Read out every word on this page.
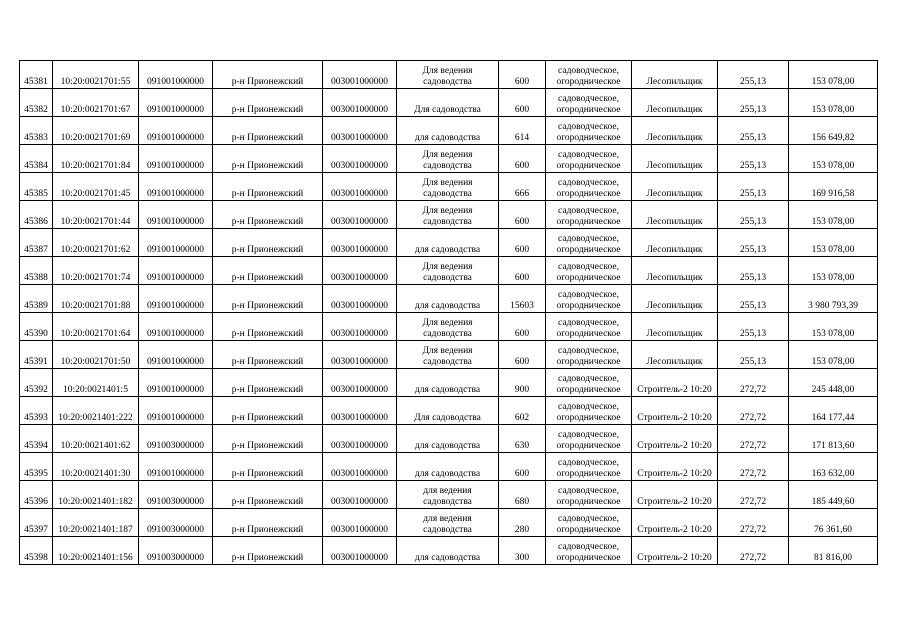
45381	10:20:0021701:55	091001000000	р-н Прионежский	003001000000	Для ведения
садоводства	600	садоводческое,
огородническое	Лесопильщик	255,13	153 078,00
45382	10:20:0021701:67	091001000000	р-н Прионежский	003001000000	Для садоводства	600	садоводческое,
огородническое	Лесопильщик	255,13	153 078,00
45383	10:20:0021701:69	091001000000	р-н Прионежский	003001000000	для садоводства	614	садоводческое,
огородническое	Лесопильщик	255,13	156 649,82
45384	10:20:0021701:84	091001000000	р-н Прионежский	003001000000	Для ведения
садоводства	600	садоводческое,
огородническое	Лесопильщик	255,13	153 078,00
45385	10:20:0021701:45	091001000000	р-н Прионежский	003001000000	Для ведения
садоводства	666	садоводческое,
огородническое	Лесопильщик	255,13	169 916,58
45386	10:20:0021701:44	091001000000	р-н Прионежский	003001000000	Для ведения
садоводства	600	садоводческое,
огородническое	Лесопильщик	255,13	153 078,00
45387	10:20:0021701:62	091001000000	р-н Прионежский	003001000000	для садоводства	600	садоводческое,
огородническое	Лесопильщик	255,13	153 078,00
45388	10:20:0021701:74	091001000000	р-н Прионежский	003001000000	Для ведения
садоводства	600	садоводческое,
огородническое	Лесопильщик	255,13	153 078,00
45389	10:20:0021701:88	091001000000	р-н Прионежский	003001000000	для садоводства	15603	садоводческое,
огородническое	Лесопильщик	255,13	3 980 793,39
45390	10:20:0021701:64	091001000000	р-н Прионежский	003001000000	Для ведения
садоводства	600	садоводческое,
огородническое	Лесопильщик	255,13	153 078,00
45391	10:20:0021701:50	091001000000	р-н Прионежский	003001000000	Для ведения
садоводства	600	садоводческое,
огородническое	Лесопильщик	255,13	153 078,00
45392	10:20:0021401:5	091001000000	р-н Прионежский	003001000000	для садоводства	900	садоводческое,
огородническое	Строитель-2 10:20	272,72	245 448,00
45393	10:20:0021401:222	091001000000	р-н Прионежский	003001000000	Для садоводства	602	садоводческое,
огородническое	Строитель-2 10:20	272,72	164 177,44
45394	10:20:0021401:62	091003000000	р-н Прионежский	003001000000	для садоводства	630	садоводческое,
огородническое	Строитель-2 10:20	272,72	171 813,60
45395	10:20:0021401:30	091001000000	р-н Прионежский	003001000000	для садоводства	600	садоводческое,
огородническое	Строитель-2 10:20	272,72	163 632,00
45396	10:20:0021401:182	091003000000	р-н Прионежский	003001000000	для ведения
садоводства	680	садоводческое,
огородническое	Строитель-2 10:20	272,72	185 449,60
45397	10:20:0021401:187	091003000000	р-н Прионежский	003001000000	для ведения
садоводства	280	садоводческое,
огородническое	Строитель-2 10:20	272,72	76 361,60
45398	10:20:0021401:156	091003000000	р-н Прионежский	003001000000	для садоводства	300	садоводческое,
огородническое	Строитель-2 10:20	272,72	81 816,00
